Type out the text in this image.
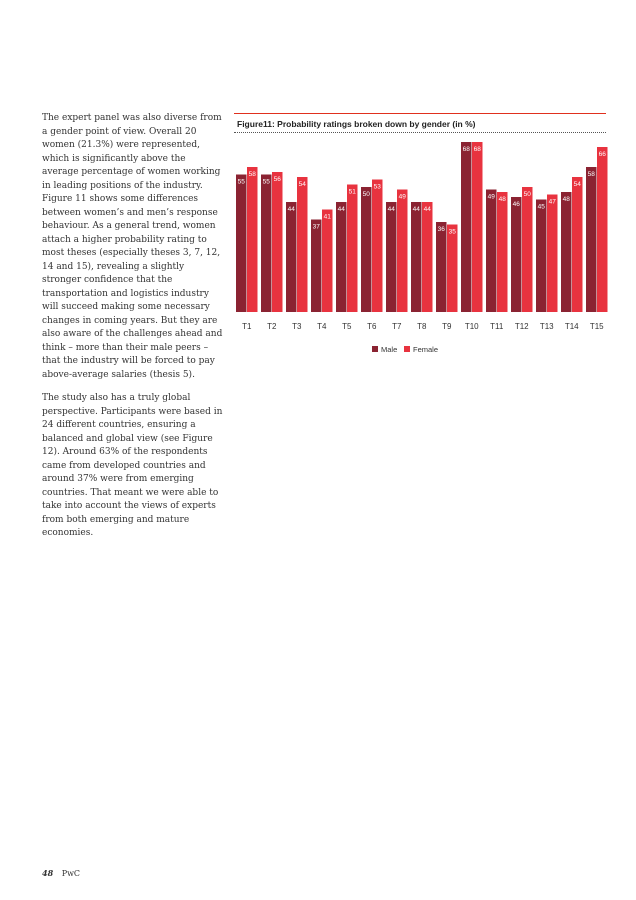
The expert panel was also diverse from a gender point of view. Overall 20 women (21.3%) were represented, which is significantly above the average percentage of women working in leading positions of the industry. Figure 11 shows some differences between women’s and men’s response behaviour. As a general trend, women attach a higher probability rating to most theses (especially theses 3, 7, 12, 14 and 15), revealing a slightly stronger confidence that the transportation and logistics industry will succeed making some necessary changes in coming years. But they are also aware of the challenges ahead and think – more than their male peers – that the industry will be forced to pay above-average salaries (thesis 5).

The study also has a truly global perspective. Participants were based in 24 different countries, ensuring a balanced and global view (see Figure 12). Around 63% of the respondents came from developed countries and around 37% were from emerging countries. That meant we were able to take into account the views of experts from both emerging and mature economies.

Figure11: Probability ratings broken down by gender (in %)
55
58
T1
55 56
T2
44
54
T3
37
41
T4
44
51
T5
50
53
T6
44
49
T7
44 44
T8
36 35
T9
68 68
T10
49 48
T11
46
50
T12
45
47
T13
48
54
T14
58
66
T15
Male Female
48 PwC
